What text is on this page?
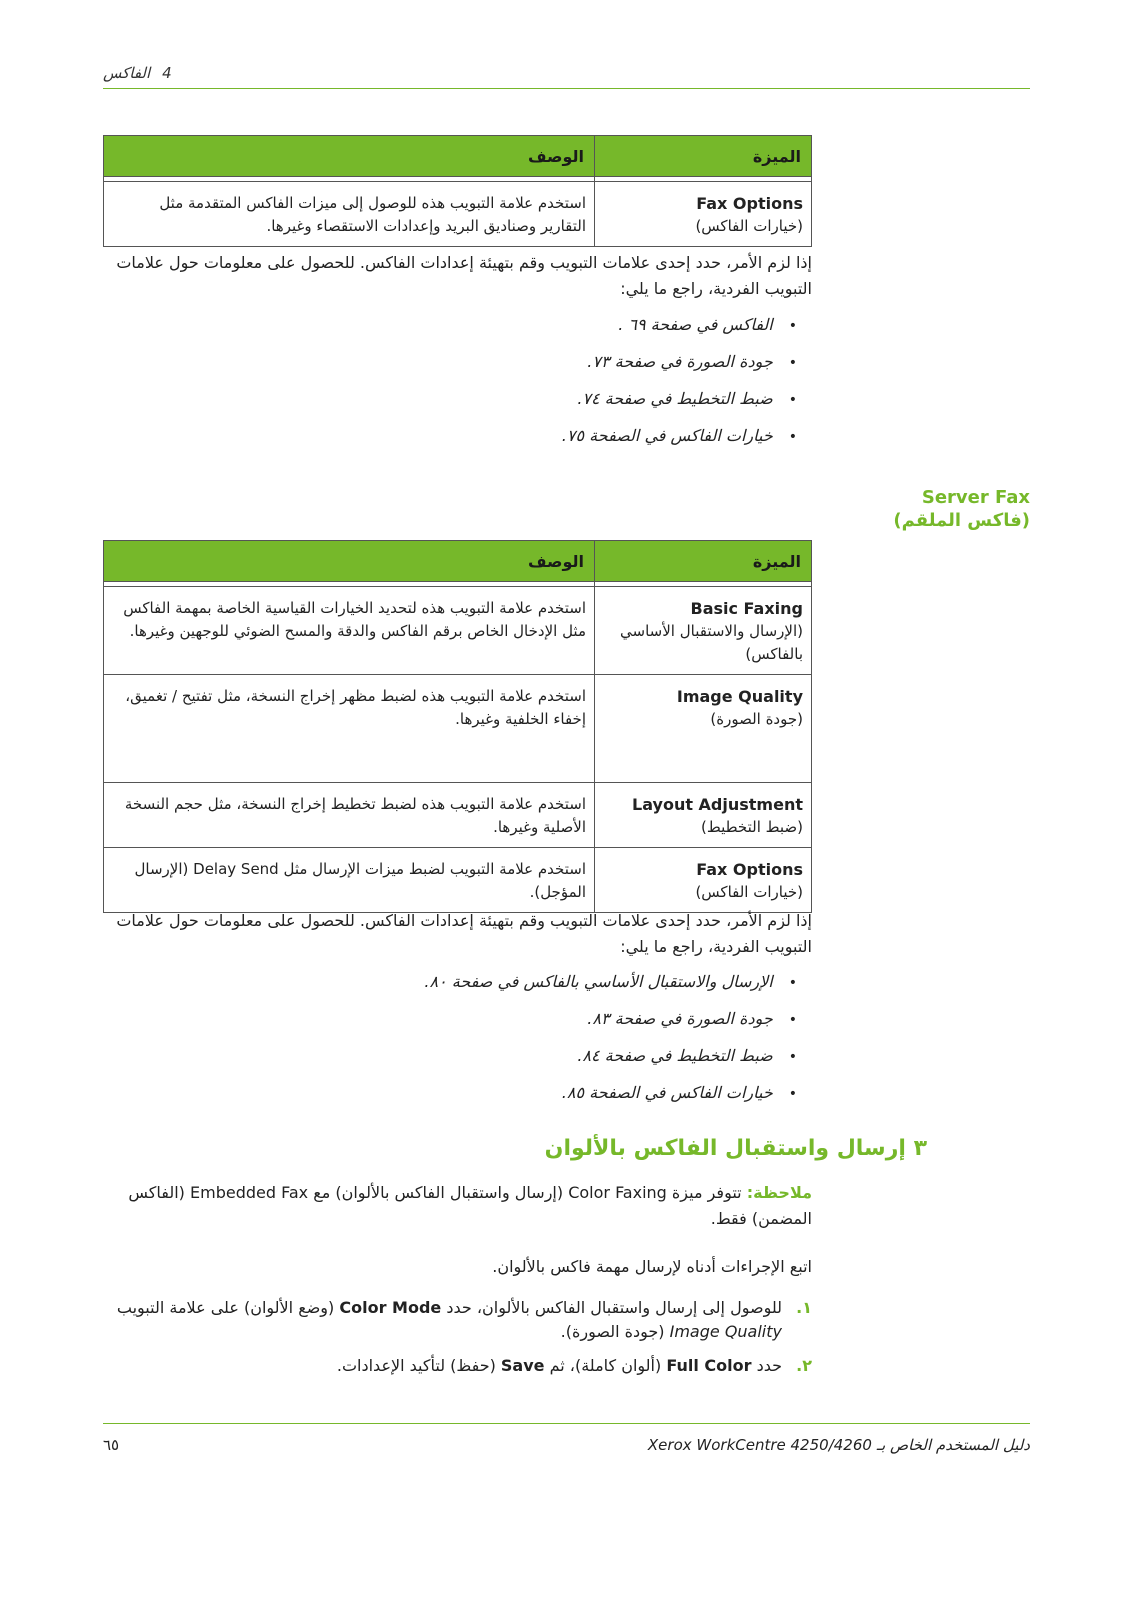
الفاكس 4
الميزة	الوصف

Fax Options
(خيارات الفاكس)	استخدم علامة التبويب هذه للوصول إلى ميزات الفاكس المتقدمة مثل التقارير وصناديق البريد وإعدادات الاستقصاء وغيرها.
إذا لزم الأمر، حدد إحدى علامات التبويب وقم بتهيئة إعدادات الفاكس. للحصول على معلومات حول علامات التبويب الفردية، راجع ما يلي:
• الفاكس في صفحة ٦٩ .
• جودة الصورة في صفحة ٧٣.
• ضبط التخطيط في صفحة ٧٤.
• خيارات الفاكس في الصفحة ٧٥.
Server Fax
(فاكس الملقم)
الميزة	الوصف

Basic Faxing
(الإرسال والاستقبال الأساسي بالفاكس)	استخدم علامة التبويب هذه لتحديد الخيارات القياسية الخاصة بمهمة الفاكس مثل الإدخال الخاص برقم الفاكس والدقة والمسح الضوئي للوجهين وغيرها.

Image Quality
(جودة الصورة)	استخدم علامة التبويب هذه لضبط مظهر إخراج النسخة، مثل تفتيح / تغميق، إخفاء الخلفية وغيرها.

Layout Adjustment
(ضبط التخطيط)	استخدم علامة التبويب هذه لضبط تخطيط إخراج النسخة، مثل حجم النسخة الأصلية وغيرها.

Fax Options
(خيارات الفاكس)	استخدم علامة التبويب لضبط ميزات الإرسال مثل Delay Send (الإرسال المؤجل).
إذا لزم الأمر، حدد إحدى علامات التبويب وقم بتهيئة إعدادات الفاكس. للحصول على معلومات حول علامات التبويب الفردية، راجع ما يلي:
• الإرسال والاستقبال الأساسي بالفاكس في صفحة ٨٠.
• جودة الصورة في صفحة ٨٣.
• ضبط التخطيط في صفحة ٨٤.
• خيارات الفاكس في الصفحة ٨٥.
٣ إرسال واستقبال الفاكس بالألوان
ملاحظة: تتوفر ميزة Color Faxing (إرسال واستقبال الفاكس بالألوان) مع Embedded Fax (الفاكس المضمن) فقط.
اتبع الإجراءات أدناه لإرسال مهمة فاكس بالألوان.
١.
للوصول إلى إرسال واستقبال الفاكس بالألوان، حدد Color Mode (وضع الألوان) على علامة التبويب Image Quality (جودة الصورة).
٢.
حدد Full Color (ألوان كاملة)، ثم Save (حفظ) لتأكيد الإعدادات.
٦٥	دليل المستخدم الخاص بـ Xerox WorkCentre 4250/4260
